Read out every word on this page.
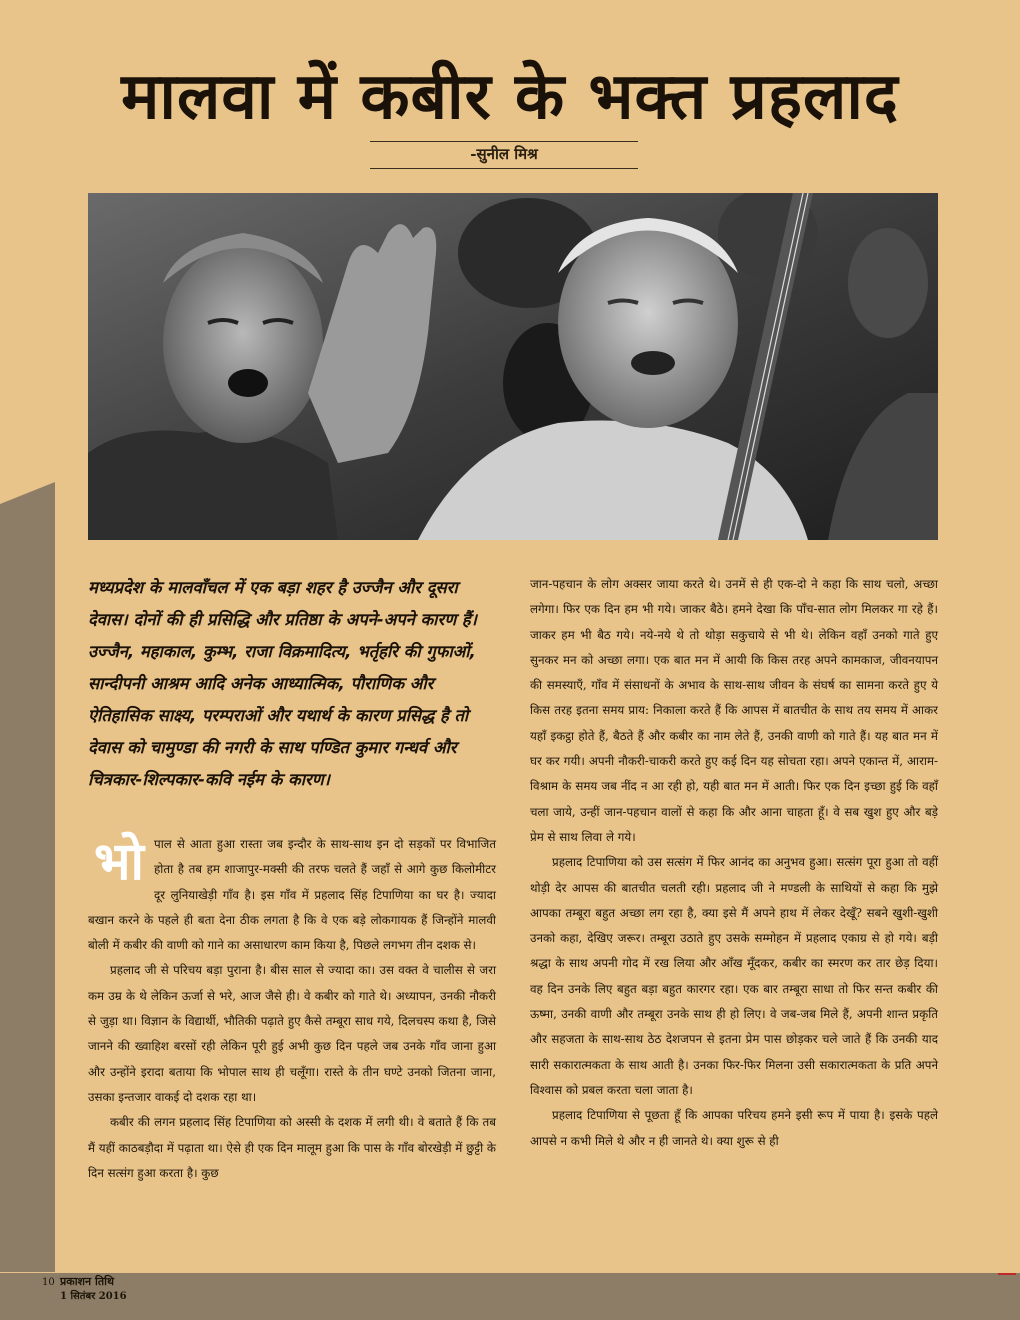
मालवा में कबीर के भक्त प्रहलाद
-सुनील मिश्र

मध्यप्रदेश के मालवाँचल में एक बड़ा शहर है उज्जैन और दूसरा देवास। दोनों की ही प्रसिद्धि और प्रतिष्ठा के अपने-अपने कारण हैं। उज्जैन, महाकाल, कुम्भ, राजा विक्रमादित्य, भर्तृहरि की गुफाओं, सान्दीपनी आश्रम आदि अनेक आध्यात्मिक, पौराणिक और ऐतिहासिक साक्ष्य, परम्पराओं और यथार्थ के कारण प्रसिद्ध है तो देवास को चामुण्डा की नगरी के साथ पण्डित कुमार गन्धर्व और चित्रकार-शिल्पकार-कवि नईम के कारण।

भोपाल से आता हुआ रास्ता जब इन्दौर के साथ-साथ इन दो सड़कों पर विभाजित होता है तब हम शाजापुर-मक्सी की तरफ चलते हैं जहाँ से आगे कुछ किलोमीटर दूर लुनियाखेड़ी गाँव है। इस गाँव में प्रहलाद सिंह टिपाणिया का घर है। ज्यादा बखान करने के पहले ही बता देना ठीक लगता है कि वे एक बड़े लोकगायक हैं जिन्होंने मालवी बोली में कबीर की वाणी को गाने का असाधारण काम किया है, पिछले लगभग तीन दशक से।

प्रहलाद जी से परिचय बड़ा पुराना है। बीस साल से ज्यादा का। उस वक्त वे चालीस से जरा कम उम्र के थे लेकिन ऊर्जा से भरे, आज जैसे ही। वे कबीर को गाते थे। अध्यापन, उनकी नौकरी से जुड़ा था। विज्ञान के विद्यार्थी, भौतिकी पढ़ाते हुए कैसे तम्बूरा साध गये, दिलचस्प कथा है, जिसे जानने की ख्वाहिश बरसों रही लेकिन पूरी हुई अभी कुछ दिन पहले जब उनके गाँव जाना हुआ और उन्होंने इरादा बताया कि भोपाल साथ ही चलूँगा। रास्ते के तीन घण्टे उनको जितना जाना, उसका इन्तजार वाकई दो दशक रहा था।

कबीर की लगन प्रहलाद सिंह टिपाणिया को अस्सी के दशक में लगी थी। वे बताते हैं कि तब मैं यहीं काठबड़ौदा में पढ़ाता था। ऐसे ही एक दिन मालूम हुआ कि पास के गाँव बोरखेड़ी में छुट्टी के दिन सत्संग हुआ करता है। कुछ

जान-पहचान के लोग अक्सर जाया करते थे। उनमें से ही एक-दो ने कहा कि साथ चलो, अच्छा लगेगा। फिर एक दिन हम भी गये। जाकर बैठे। हमने देखा कि पाँच-सात लोग मिलकर गा रहे हैं। जाकर हम भी बैठ गये। नये-नये थे तो थोड़ा सकुचाये से भी थे। लेकिन वहाँ उनको गाते हुए सुनकर मन को अच्छा लगा। एक बात मन में आयी कि किस तरह अपने कामकाज, जीवनयापन की समस्याएँ, गाँव में संसाधनों के अभाव के साथ-साथ जीवन के संघर्ष का सामना करते हुए ये किस तरह इतना समय प्राय: निकाला करते हैं कि आपस में बातचीत के साथ तय समय में आकर यहाँ इकट्ठा होते हैं, बैठते हैं और कबीर का नाम लेते हैं, उनकी वाणी को गाते हैं। यह बात मन में घर कर गयी। अपनी नौकरी-चाकरी करते हुए कई दिन यह सोचता रहा। अपने एकान्त में, आराम-विश्राम के समय जब नींद न आ रही हो, यही बात मन में आती। फिर एक दिन इच्छा हुई कि वहाँ चला जाये, उन्हीं जान-पहचान वालों से कहा कि और आना चाहता हूँ। वे सब खुश हुए और बड़े प्रेम से साथ लिवा ले गये।

प्रहलाद टिपाणिया को उस सत्संग में फिर आनंद का अनुभव हुआ। सत्संग पूरा हुआ तो वहीं थोड़ी देर आपस की बातचीत चलती रही। प्रहलाद जी ने मण्डली के साथियों से कहा कि मुझे आपका तम्बूरा बहुत अच्छा लग रहा है, क्या इसे मैं अपने हाथ में लेकर देखूँ? सबने खुशी-खुशी उनको कहा, देखिए जरूर। तम्बूरा उठाते हुए उसके सम्मोहन में प्रहलाद एकाग्र से हो गये। बड़ी श्रद्धा के साथ अपनी गोद में रख लिया और आँख मूँदकर, कबीर का स्मरण कर तार छेड़ दिया। वह दिन उनके लिए बहुत बड़ा बहुत कारगर रहा। एक बार तम्बूरा साधा तो फिर सन्त कबीर की ऊष्मा, उनकी वाणी और तम्बूरा उनके साथ ही हो लिए। वे जब-जब मिले हैं, अपनी शान्त प्रकृति और सहजता के साथ-साथ ठेठ देशजपन से इतना प्रेम पास छोड़कर चले जाते हैं कि उनकी याद सारी सकारात्मकता के साथ आती है। उनका फिर-फिर मिलना उसी सकारात्मकता के प्रति अपने विश्वास को प्रबल करता चला जाता है।

प्रहलाद टिपाणिया से पूछता हूँ कि आपका परिचय हमने इसी रूप में पाया है। इसके पहले आपसे न कभी मिले थे और न ही जानते थे। क्या शुरू से ही

10 प्रकाशन तिथि
1 सितंबर 2016
